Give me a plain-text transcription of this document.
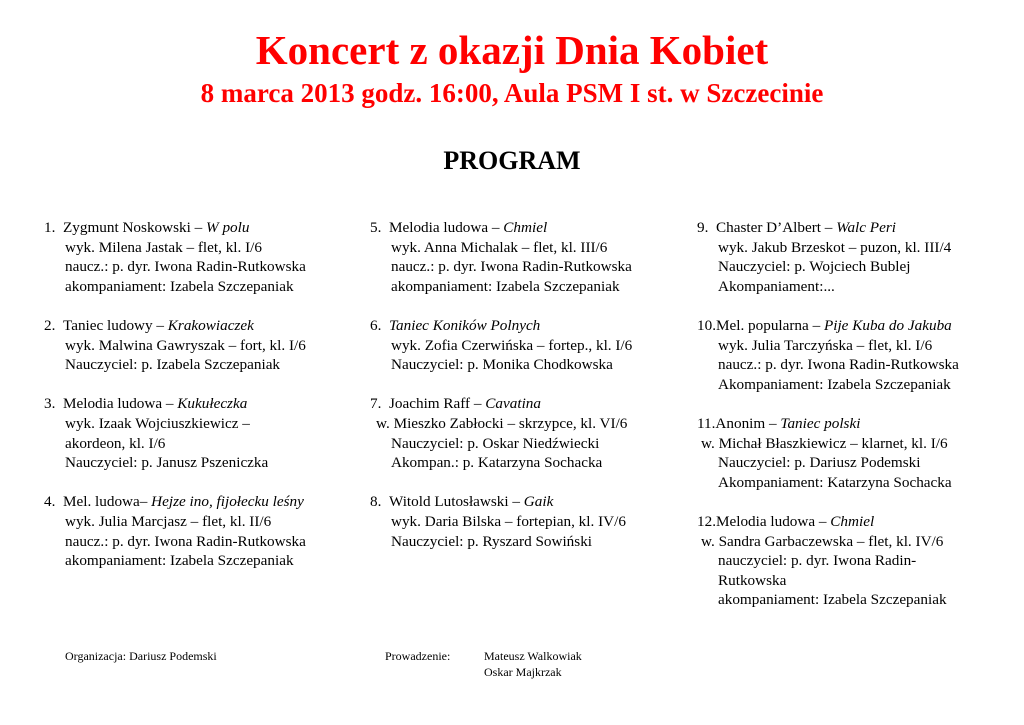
Koncert z okazji Dnia Kobiet
8 marca 2013 godz. 16:00, Aula PSM I st. w Szczecinie
PROGRAM
1. Zygmunt Noskowski – W polu
wyk. Milena Jastak – flet, kl. I/6
naucz.: p. dyr. Iwona Radin-Rutkowska
akompaniament: Izabela Szczepaniak
2. Taniec ludowy – Krakowiaczek
wyk. Malwina Gawryszak – fort, kl. I/6
Nauczyciel: p. Izabela Szczepaniak
3. Melodia ludowa – Kukułeczka
wyk. Izaak Wojciuszkiewicz –
akordeon, kl. I/6
Nauczyciel: p. Janusz Pszeniczka
4. Mel. ludowa– Hejze ino, fijołecku leśny
wyk. Julia Marcjasz – flet, kl. II/6
naucz.: p. dyr. Iwona Radin-Rutkowska
akompaniament: Izabela Szczepaniak
5. Melodia ludowa – Chmiel
wyk. Anna Michalak – flet, kl. III/6
naucz.: p. dyr. Iwona Radin-Rutkowska
akompaniament: Izabela Szczepaniak
6. Taniec Koników Polnych
wyk. Zofia Czerwińska – fortep., kl. I/6
Nauczyciel: p. Monika Chodkowska
7. Joachim Raff – Cavatina
w. Mieszko Zabłocki – skrzypce, kl. VI/6
Nauczyciel: p. Oskar Niedźwiecki
Akompan.: p. Katarzyna Sochacka
8. Witold Lutosławski – Gaik
wyk. Daria Bilska – fortepian, kl. IV/6
Nauczyciel: p. Ryszard Sowiński
9. Chaster D’Albert – Walc Peri
wyk. Jakub Brzeskot – puzon, kl. III/4
Nauczyciel: p. Wojciech Bublej
Akompaniament:...
10.Mel. popularna – Pije Kuba do Jakuba
wyk. Julia Tarczyńska – flet, kl. I/6
naucz.: p. dyr. Iwona Radin-Rutkowska
Akompaniament: Izabela Szczepaniak
11.Anonim – Taniec polski
w. Michał Błaszkiewicz – klarnet, kl. I/6
Nauczyciel: p. Dariusz Podemski
Akompaniament: Katarzyna Sochacka
12.Melodia ludowa – Chmiel
w. Sandra Garbaczewska – flet, kl. IV/6
nauczyciel: p. dyr. Iwona Radin-
Rutkowska
akompaniament: Izabela Szczepaniak
Organizacja: Dariusz Podemski	Prowadzenie:	Mateusz Walkowiak
Oskar Majkrzak
